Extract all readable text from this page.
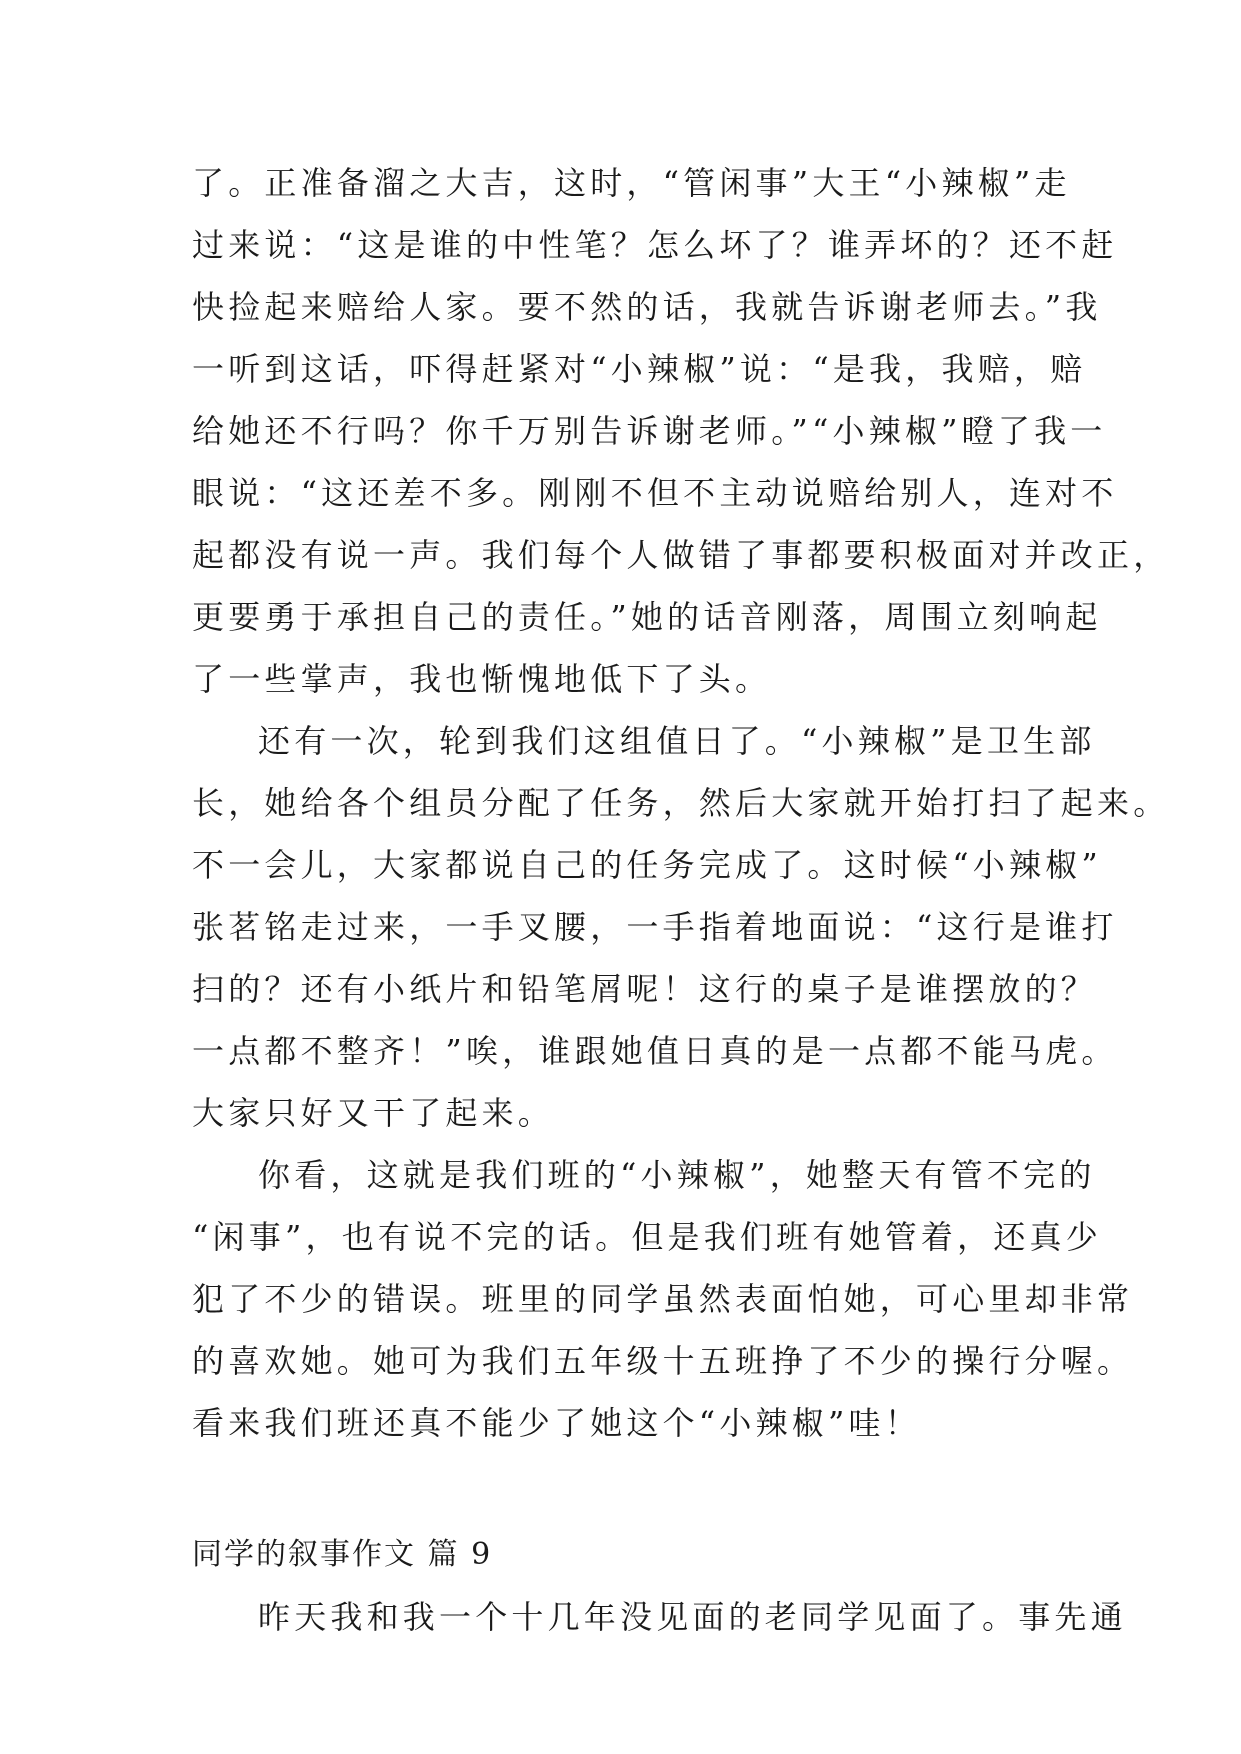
了。正准备溜之大吉，这时，“管闲事”大王“小辣椒”走
过来说：“这是谁的中性笔？怎么坏了？谁弄坏的？还不赶
快捡起来赔给人家。要不然的话，我就告诉谢老师去。”我
一听到这话，吓得赶紧对“小辣椒”说：“是我，我赔，赔
给她还不行吗？你千万别告诉谢老师。”“小辣椒”瞪了我一
眼说：“这还差不多。刚刚不但不主动说赔给别人，连对不
起都没有说一声。我们每个人做错了事都要积极面对并改正，
更要勇于承担自己的责任。”她的话音刚落，周围立刻响起
了一些掌声，我也惭愧地低下了头。
还有一次，轮到我们这组值日了。“小辣椒”是卫生部
长，她给各个组员分配了任务，然后大家就开始打扫了起来。
不一会儿，大家都说自己的任务完成了。这时候“小辣椒”
张茗铭走过来，一手叉腰，一手指着地面说：“这行是谁打
扫的？还有小纸片和铅笔屑呢！这行的桌子是谁摆放的？
一点都不整齐！”唉，谁跟她值日真的是一点都不能马虎。
大家只好又干了起来。
你看，这就是我们班的“小辣椒”，她整天有管不完的
“闲事”，也有说不完的话。但是我们班有她管着，还真少
犯了不少的错误。班里的同学虽然表面怕她，可心里却非常
的喜欢她。她可为我们五年级十五班挣了不少的操行分喔。
看来我们班还真不能少了她这个“小辣椒”哇！
同学的叙事作文 篇 9
昨天我和我一个十几年没见面的老同学见面了。事先通
